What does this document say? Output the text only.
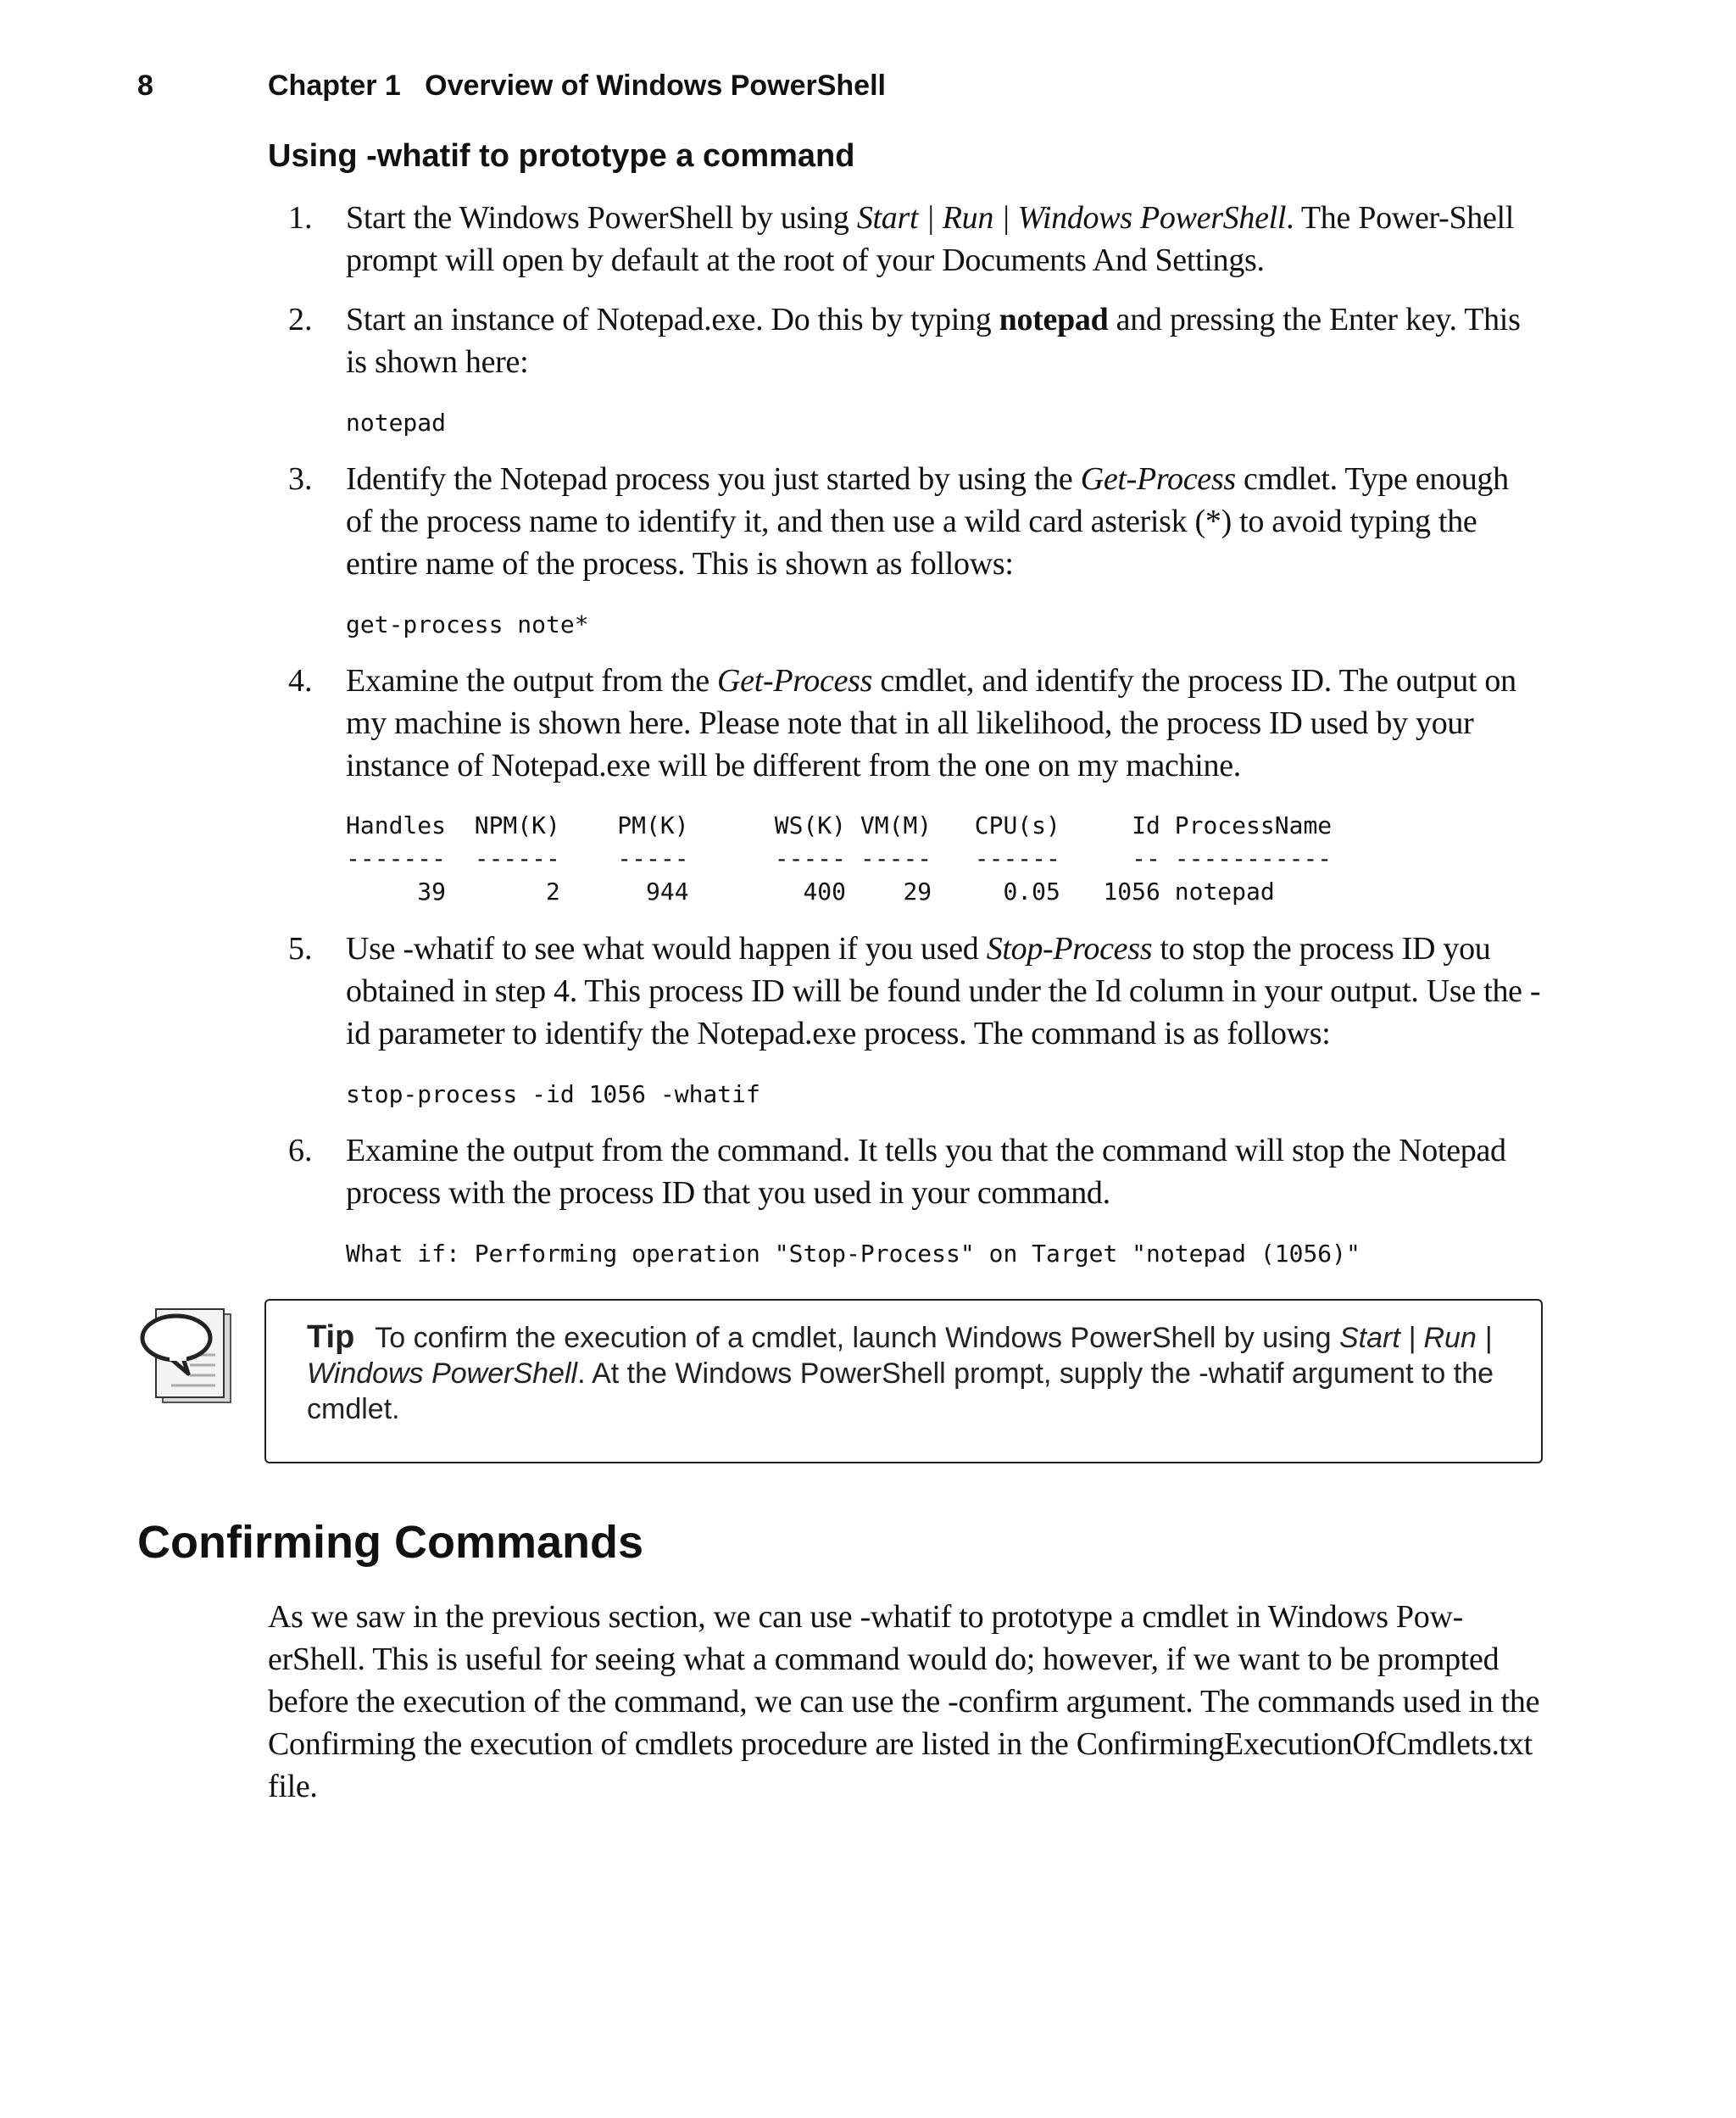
8	Chapter 1   Overview of Windows PowerShell
Using -whatif to prototype a command
1. Start the Windows PowerShell by using Start | Run | Windows PowerShell. The Power-Shell prompt will open by default at the root of your Documents And Settings.
2. Start an instance of Notepad.exe. Do this by typing notepad and pressing the Enter key. This is shown here:
notepad
3. Identify the Notepad process you just started by using the Get-Process cmdlet. Type enough of the process name to identify it, and then use a wild card asterisk (*) to avoid typing the entire name of the process. This is shown as follows:
get-process note*
4. Examine the output from the Get-Process cmdlet, and identify the process ID. The output on my machine is shown here. Please note that in all likelihood, the process ID used by your instance of Notepad.exe will be different from the one on my machine.
Handles  NPM(K)    PM(K)      WS(K) VM(M)   CPU(s)     Id ProcessName
-------  ------    -----      ----- -----   ------     -- -----------
39       2      944        400    29     0.05   1056 notepad
5. Use -whatif to see what would happen if you used Stop-Process to stop the process ID you obtained in step 4. This process ID will be found under the Id column in your output. Use the -id parameter to identify the Notepad.exe process. The command is as follows:
stop-process -id 1056 -whatif
6. Examine the output from the command. It tells you that the command will stop the Notepad process with the process ID that you used in your command.
What if: Performing operation "Stop-Process" on Target "notepad (1056)"
Tip To confirm the execution of a cmdlet, launch Windows PowerShell by using Start | Run | Windows PowerShell. At the Windows PowerShell prompt, supply the -whatif argument to the cmdlet.
Confirming Commands

As we saw in the previous section, we can use -whatif to prototype a cmdlet in Windows Pow-erShell. This is useful for seeing what a command would do; however, if we want to be prompted before the execution of the command, we can use the -confirm argument. The commands used in the Confirming the execution of cmdlets procedure are listed in the ConfirmingExecutionOfCmdlets.txt file.
